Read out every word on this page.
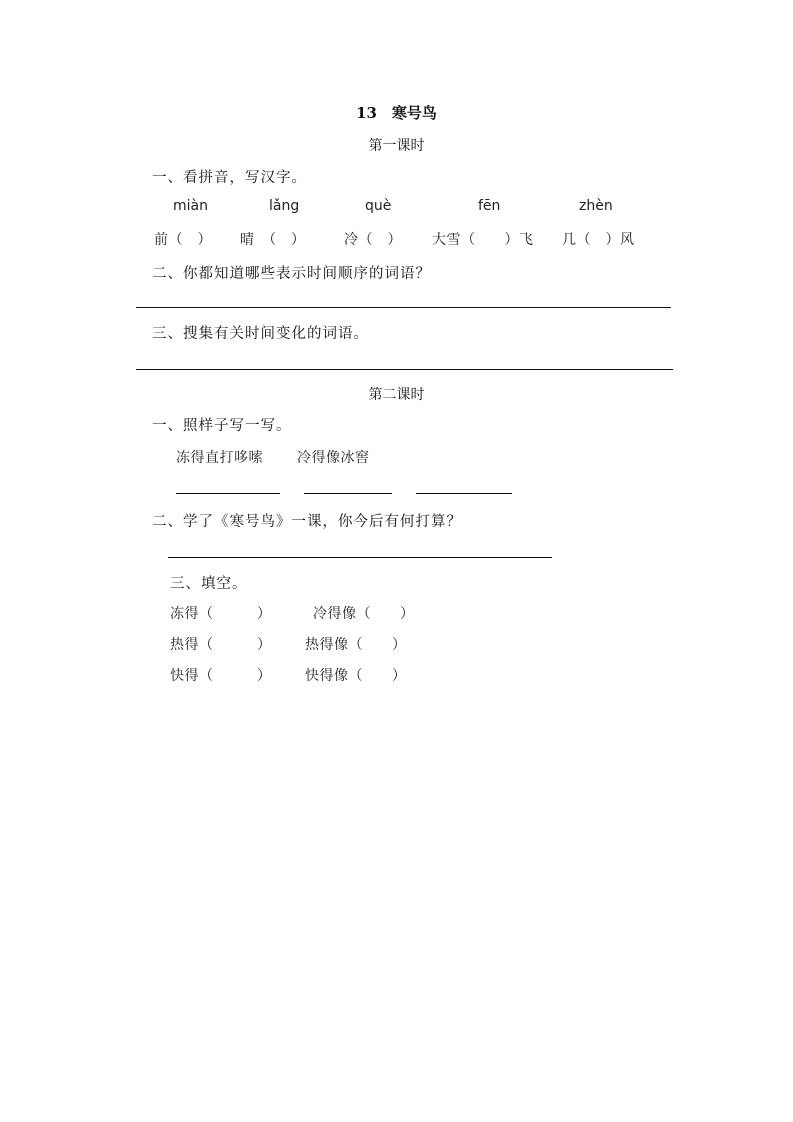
13　寒号鸟
第一课时
一、看拼音，写汉字。
miàn	lǎng	què	fēn	zhèn
前（　） 晴　（　）	冷（　） 大雪（　　）飞 几（　）风
二、你都知道哪些表示时间顺序的词语？
三、搜集有关时间变化的词语。
第二课时
一、照样子写一写。
冻得直打哆嗦 冷得像冰窖
二、学了《寒号鸟》一课，你今后有何打算？
三、填空。
冻得（　　　）	冷得像（　　）
热得（　　　） 热得像（　　）
快得（　　　） 快得像（　　）
